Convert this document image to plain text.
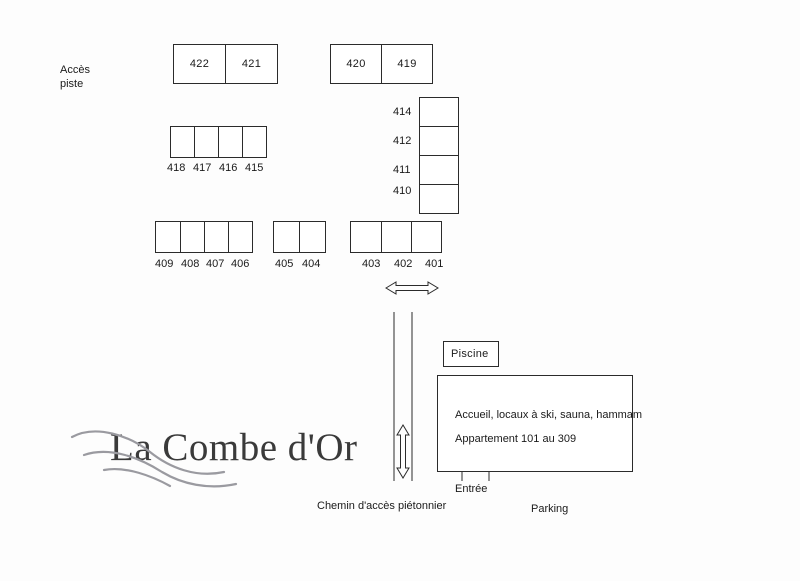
Accès
piste
422	421	420	419
414
412
411
410
418 417 416 415
409 408 407 406 405 404	403 402 401
Piscine
Accueil, locaux à ski, sauna, hammam
Appartement 101 au 309
Entrée
Parking
Chemin d'accès piétonnier
La Combe d'Or
